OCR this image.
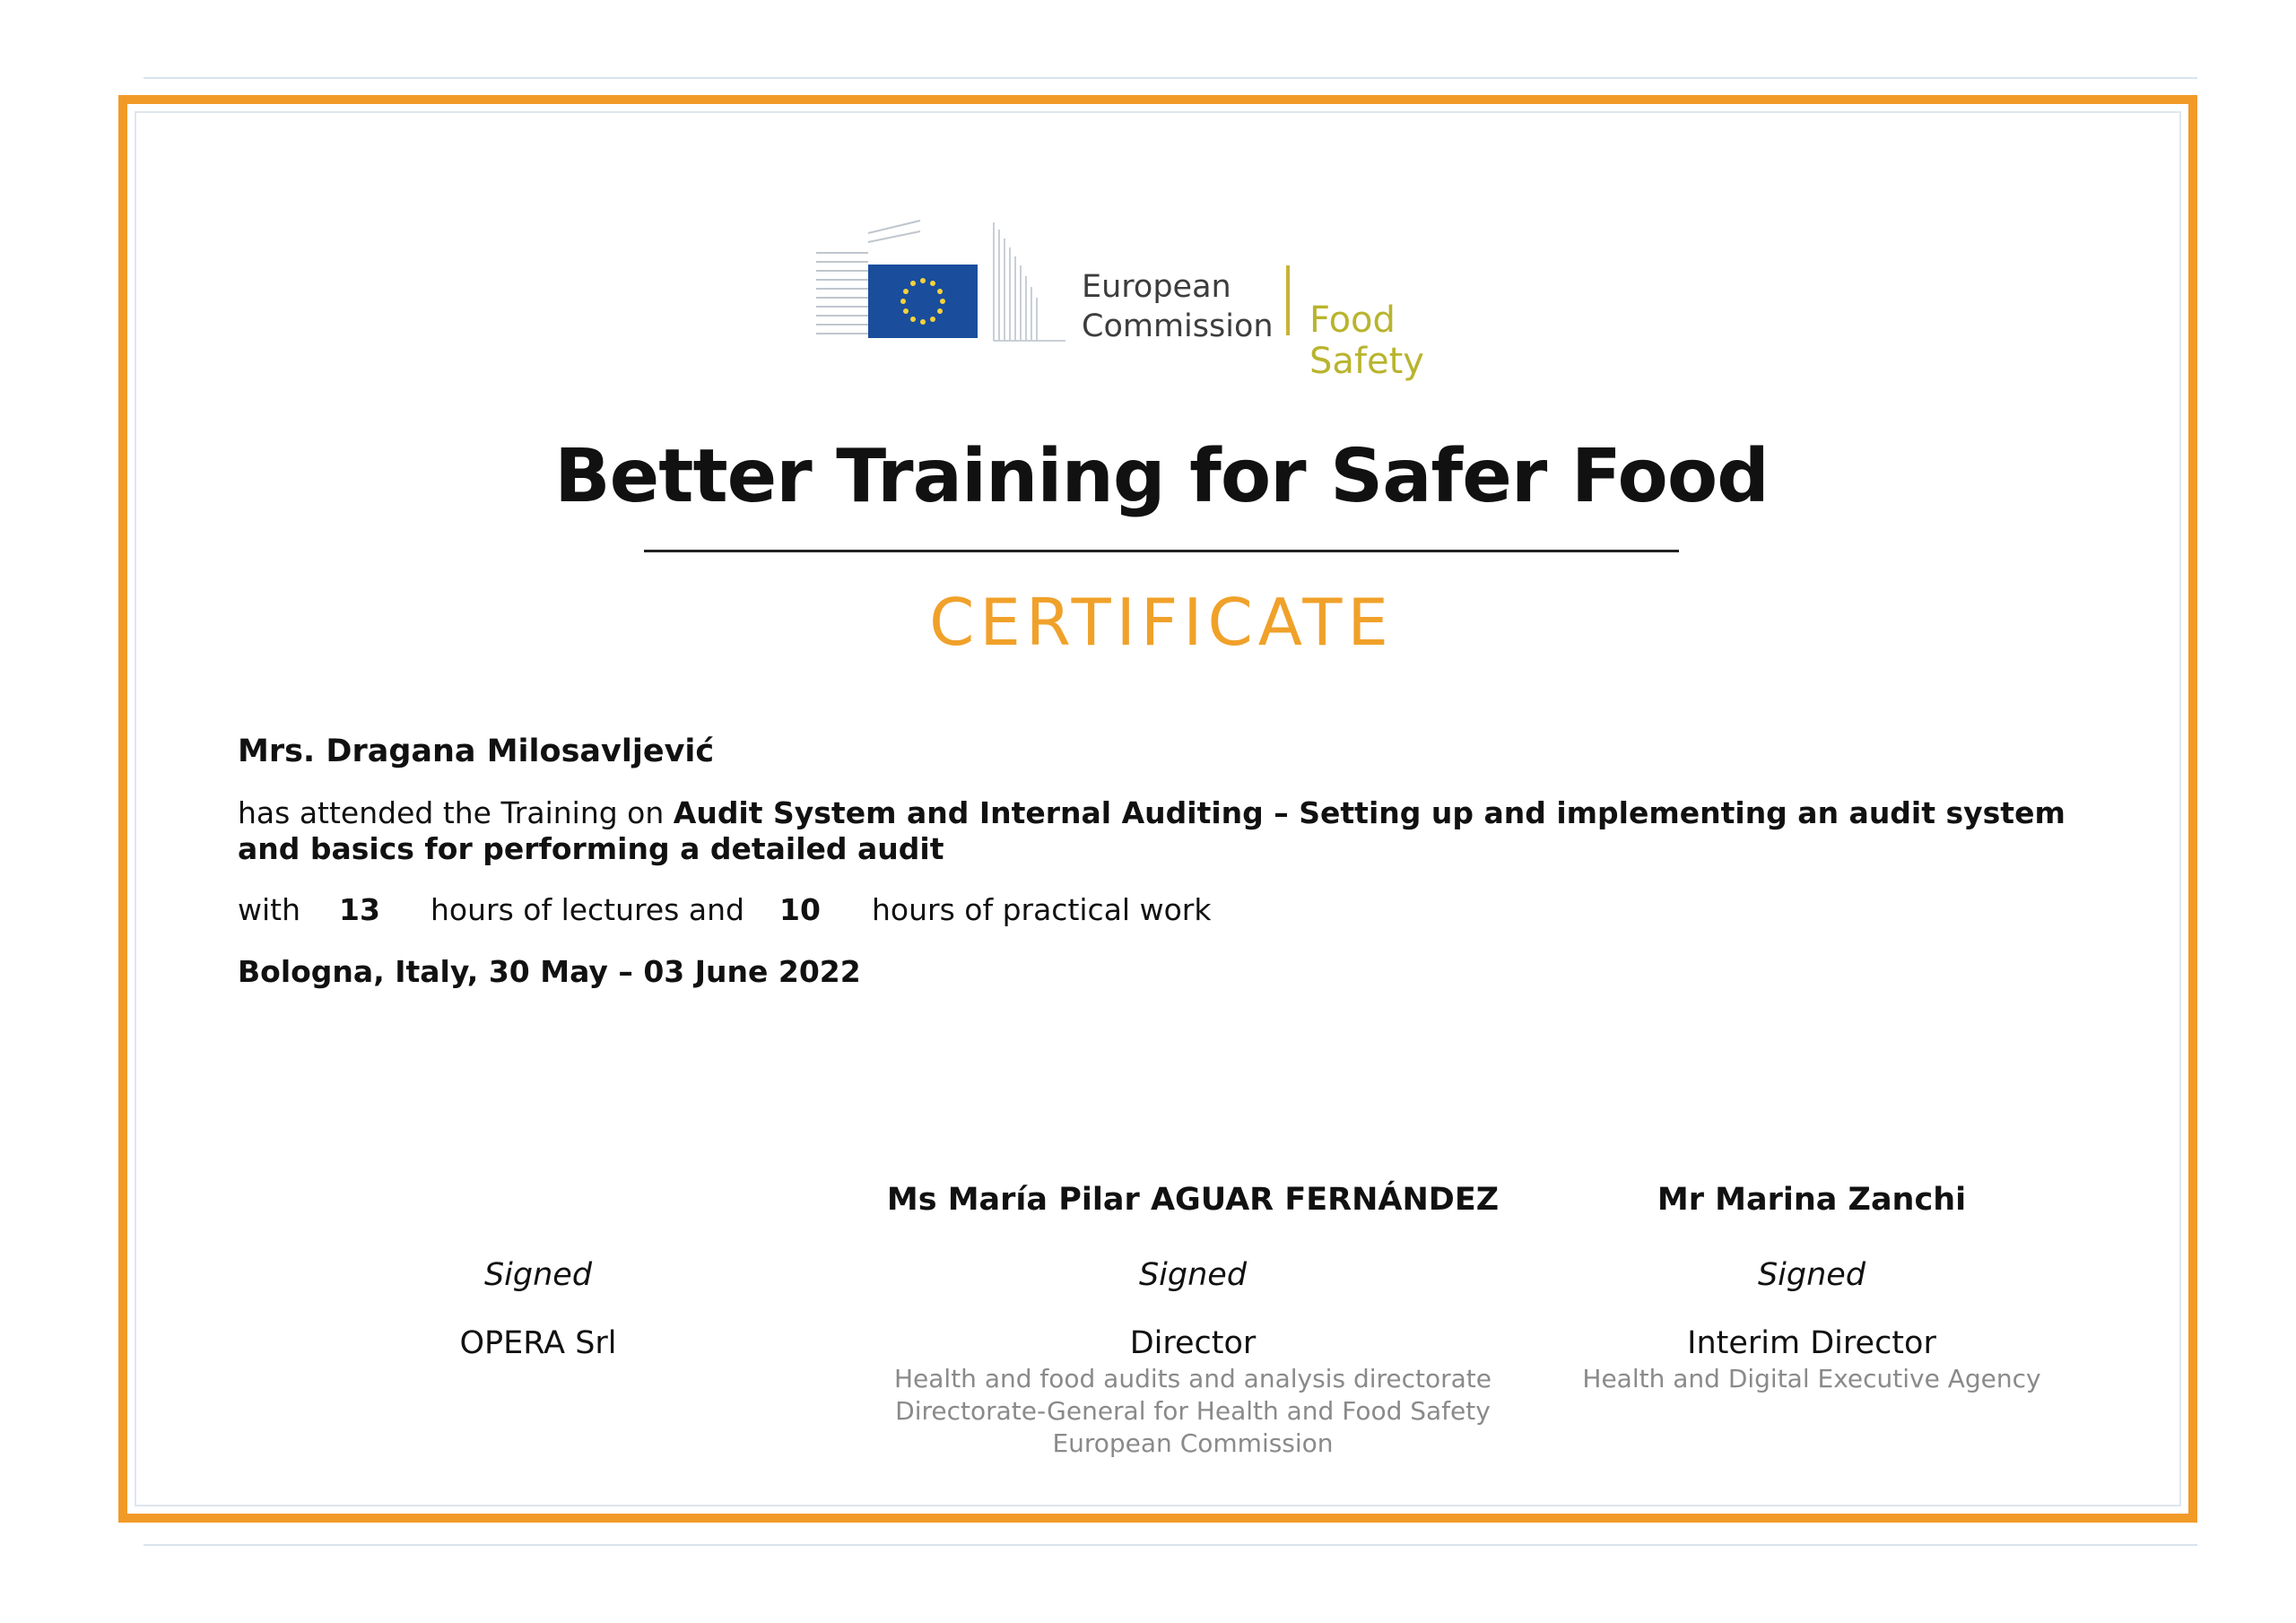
European
Commission Food Safety
Better Training for Safer Food
CERTIFICATE
Mrs. Dragana Milosavljević
has attended the Training on Audit System and Internal Auditing – Setting up and implementing an audit system and basics for performing a detailed audit
with 13 hours of lectures and 10 hours of practical work
Bologna, Italy, 30 May – 03 June 2022
Signed
OPERA Srl
Ms María Pilar AGUAR FERNÁNDEZ
Signed
Director
Health and food audits and analysis directorate
Directorate-General for Health and Food Safety
European Commission
Mr Marina Zanchi
Signed
Interim Director
Health and Digital Executive Agency
